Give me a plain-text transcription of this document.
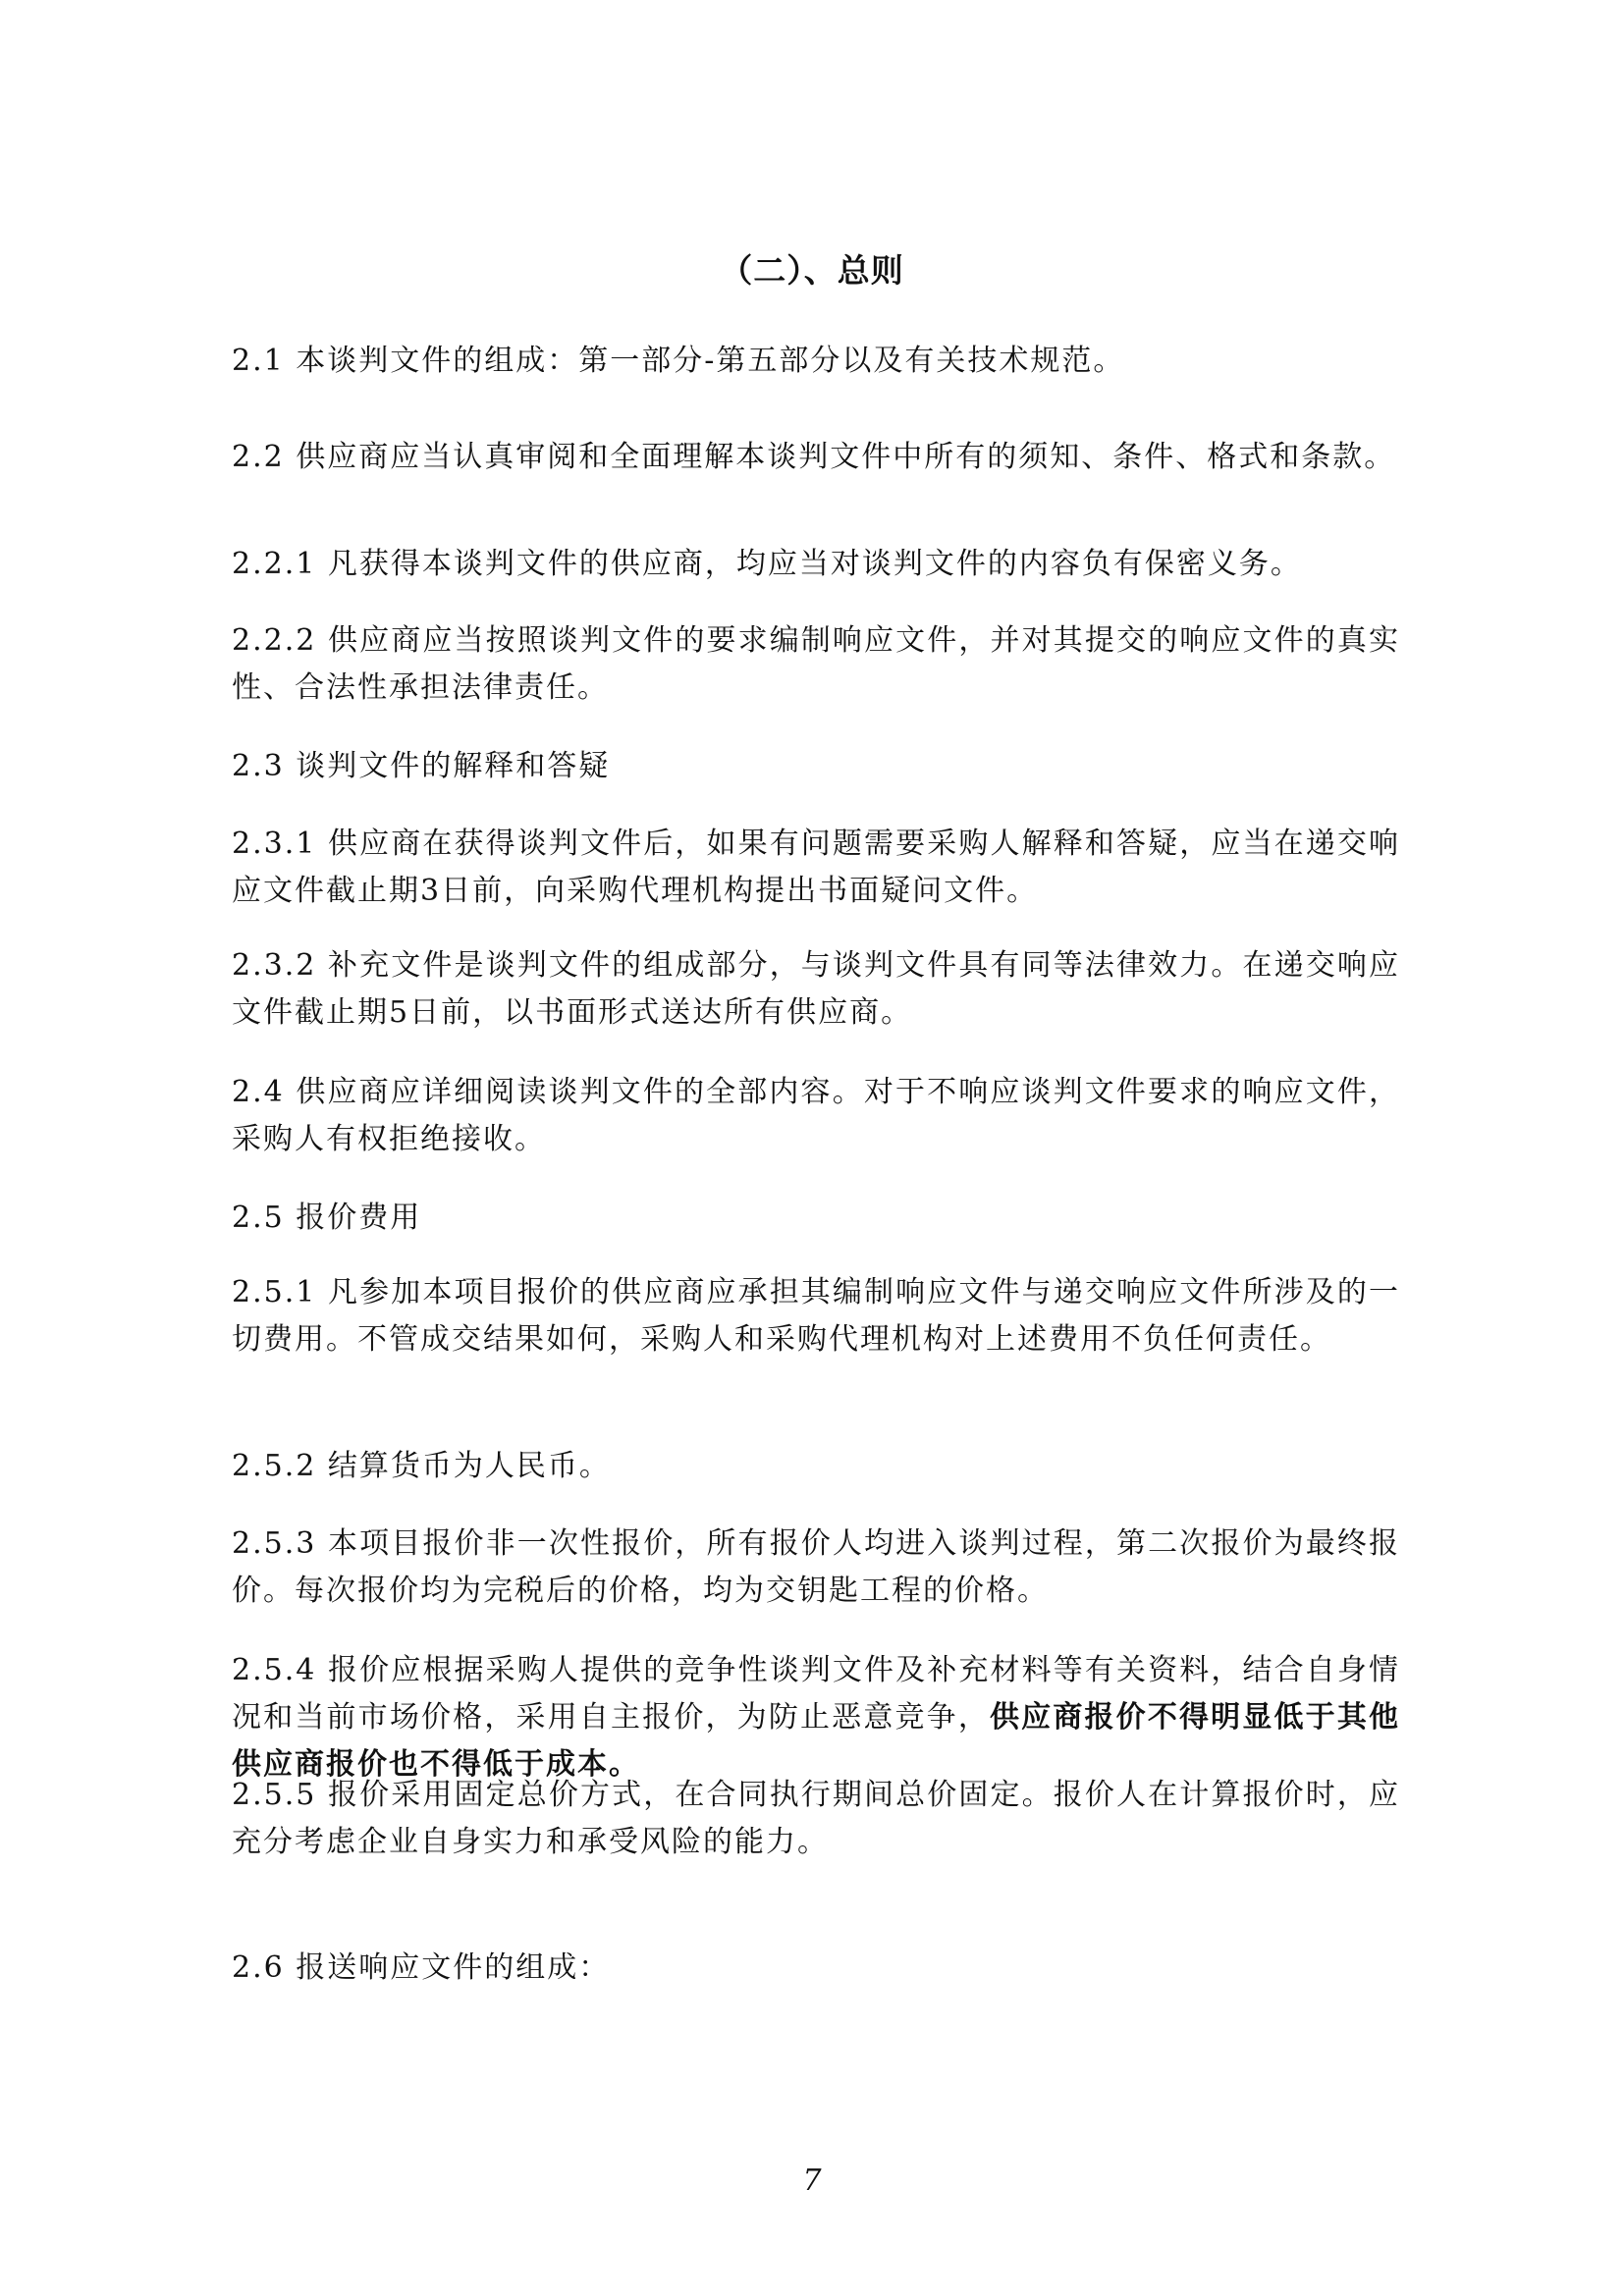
（二）、总则
2.1 本谈判文件的组成：第一部分-第五部分以及有关技术规范。
2.2 供应商应当认真审阅和全面理解本谈判文件中所有的须知、条件、格式和条款。
2.2.1 凡获得本谈判文件的供应商，均应当对谈判文件的内容负有保密义务。
2.2.2 供应商应当按照谈判文件的要求编制响应文件，并对其提交的响应文件的真实性、合法性承担法律责任。
2.3 谈判文件的解释和答疑
2.3.1 供应商在获得谈判文件后，如果有问题需要采购人解释和答疑，应当在递交响应文件截止期3日前，向采购代理机构提出书面疑问文件。
2.3.2 补充文件是谈判文件的组成部分，与谈判文件具有同等法律效力。在递交响应文件截止期5日前，以书面形式送达所有供应商。
2.4 供应商应详细阅读谈判文件的全部内容。对于不响应谈判文件要求的响应文件，采购人有权拒绝接收。
2.5 报价费用
2.5.1 凡参加本项目报价的供应商应承担其编制响应文件与递交响应文件所涉及的一切费用。不管成交结果如何，采购人和采购代理机构对上述费用不负任何责任。
2.5.2 结算货币为人民币。
2.5.3 本项目报价非一次性报价，所有报价人均进入谈判过程，第二次报价为最终报价。每次报价均为完税后的价格，均为交钥匙工程的价格。
2.5.4 报价应根据采购人提供的竞争性谈判文件及补充材料等有关资料，结合自身情况和当前市场价格，采用自主报价，为防止恶意竞争，供应商报价不得明显低于其他供应商报价也不得低于成本。
2.5.5 报价采用固定总价方式，在合同执行期间总价固定。报价人在计算报价时，应充分考虑企业自身实力和承受风险的能力。
2.6 报送响应文件的组成：
7
